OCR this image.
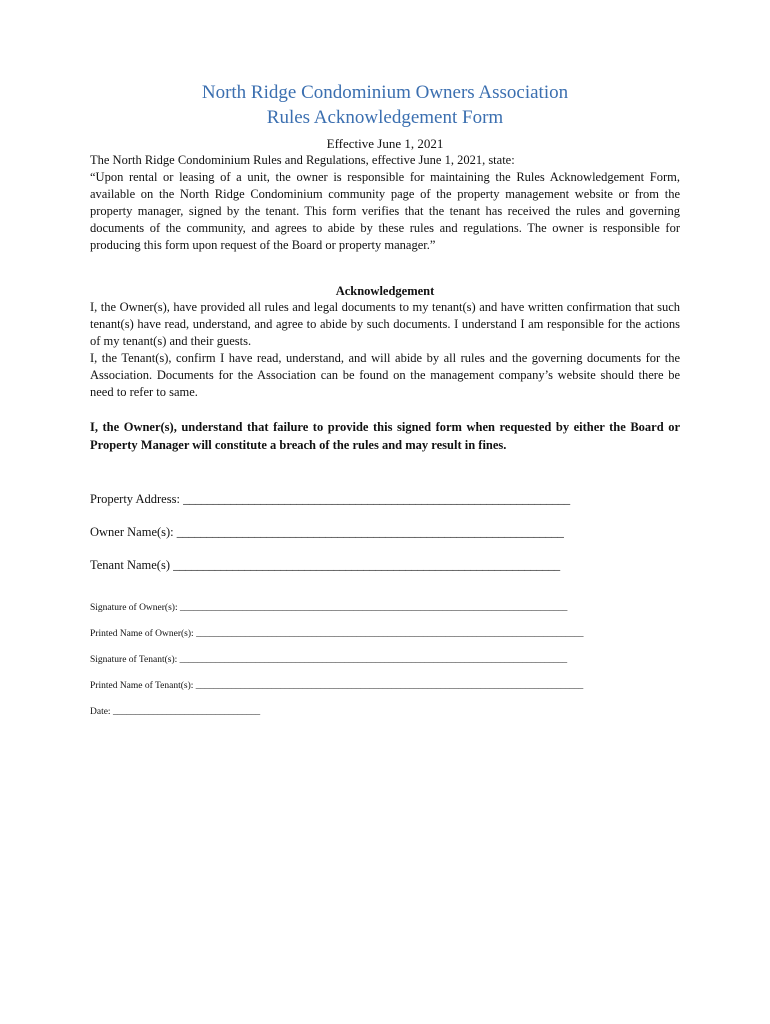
North Ridge Condominium Owners Association
Rules Acknowledgement Form
Effective June 1, 2021

The North Ridge Condominium Rules and Regulations, effective June 1, 2021, state:

“Upon rental or leasing of a unit, the owner is responsible for maintaining the Rules Acknowledgement Form, available on the North Ridge Condominium community page of the property management website or from the property manager, signed by the tenant. This form verifies that the tenant has received the rules and governing documents of the community, and agrees to abide by these rules and regulations. The owner is responsible for producing this form upon request of the Board or property manager.”

Acknowledgement

I, the Owner(s), have provided all rules and legal documents to my tenant(s) and have written confirmation that such tenant(s) have read, understand, and agree to abide by such documents. I understand I am responsible for the actions of my tenant(s) and their guests.

I, the Tenant(s), confirm I have read, understand, and will abide by all rules and the governing documents for the Association. Documents for the Association can be found on the management company’s website should there be need to refer to same.

I, the Owner(s), understand that failure to provide this signed form when requested by either the Board or Property Manager will constitute a breach of the rules and may result in fines.

Property Address: _________________________________________________________________
Owner Name(s): _________________________________________________________________
Tenant Name(s) _________________________________________________________________
Signature of Owner(s): _______________________________________________________________________________________
Printed Name of Owner(s): _______________________________________________________________________________________
Signature of Tenant(s): _______________________________________________________________________________________
Printed Name of Tenant(s): _______________________________________________________________________________________
Date: _________________________________
